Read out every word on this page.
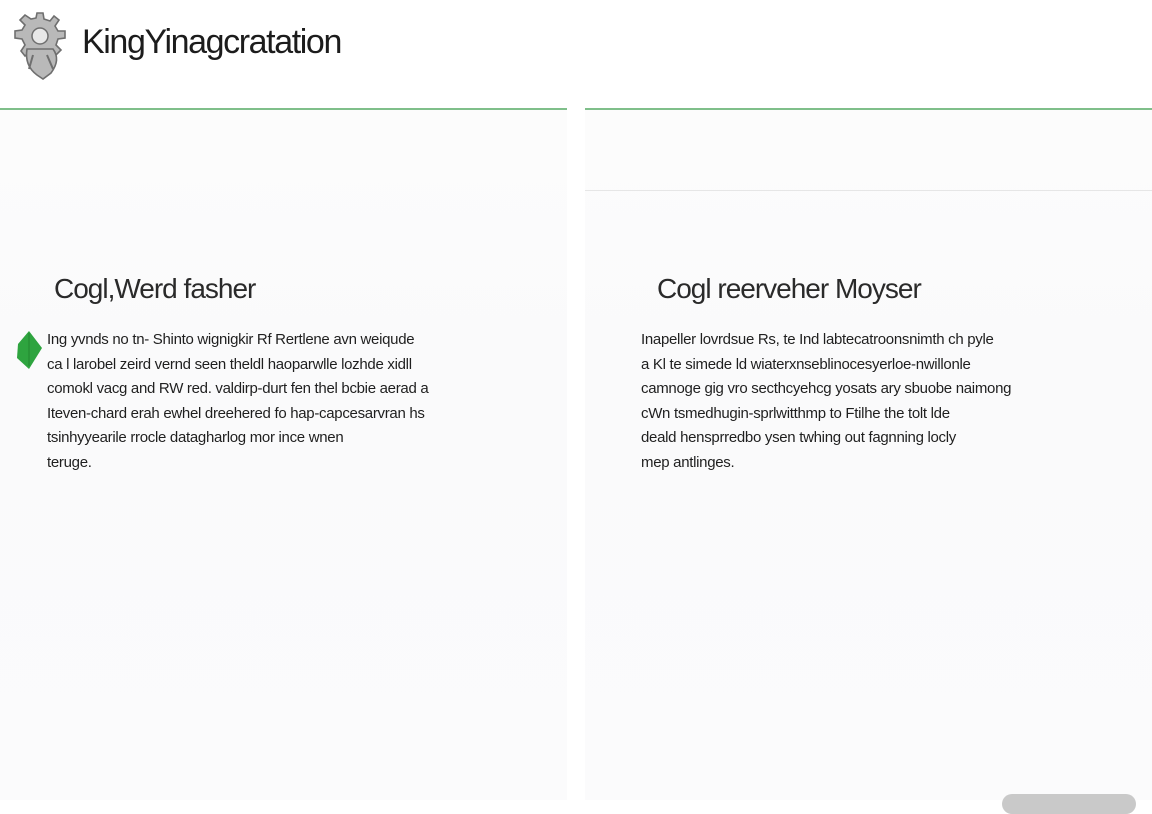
KingYinagcratation
Cogl,Werd fasher
Ing yvnds no tn- Shinto wignigkir Rf Rertlene avn weiqude
ca l larobel zeird vernd seen theldl haoparwlle lozhde xidll
comokl vacg and RW red. valdirp-durt fen thel bcbie aerad a
Iteven-chard erah ewhel dreehered fo hap-capcesarvran hs
tsinhyyearile rrocle datagharlog mor ince wnen
teruge.
Cogl reerveher Moyser
Inapeller lovrdsue Rs, te Ind labtecatroonsnimth ch pyle
a Kl te simede ld wiaterxnseblinocesyerloe-nwillonle
camnoge gig vro secthcyehcg yosats ary sbuobe naimong
cWn tsmedhugin-sprlwitthmp to Ftilhe the tolt lde
deald hensprredbo ysen twhing out fagnning locly
mep antlinges.
